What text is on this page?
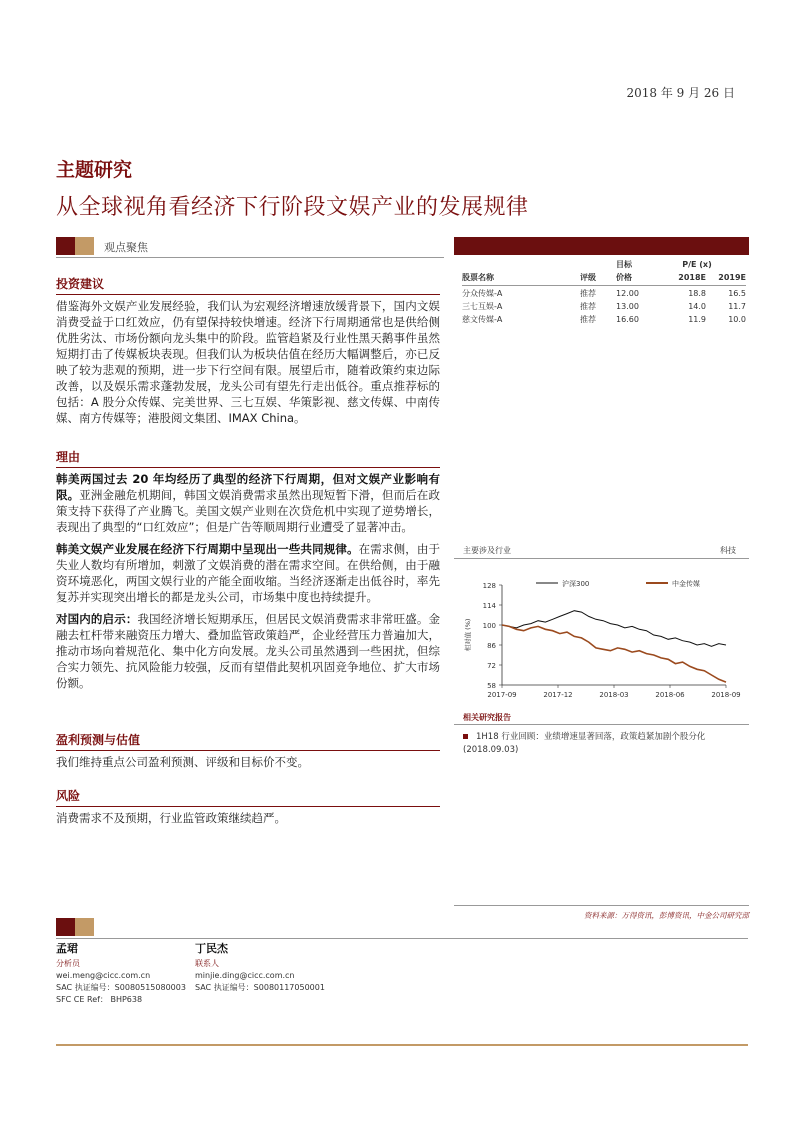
2018 年 9 月 26 日
主题研究
从全球视角看经济下行阶段文娱产业的发展规律
观点聚焦

投资建议

借鉴海外文娱产业发展经验，我们认为宏观经济增速放缓背景下，国内文娱消费受益于口红效应，仍有望保持较快增速。经济下行周期通常也是供给侧优胜劣汰、市场份额向龙头集中的阶段。监管趋紧及行业性黑天鹅事件虽然短期打击了传媒板块表现。但我们认为板块估值在经历大幅调整后，亦已反映了较为悲观的预期，进一步下行空间有限。展望后市，随着政策约束边际改善，以及娱乐需求蓬勃发展，龙头公司有望先行走出低谷。重点推荐标的包括：A 股分众传媒、完美世界、三七互娱、华策影视、慈文传媒、中南传媒、南方传媒等；港股阅文集团、IMAX China。

理由

韩美两国过去 20 年均经历了典型的经济下行周期，但对文娱产业影响有限。亚洲金融危机期间，韩国文娱消费需求虽然出现短暂下滑，但而后在政策支持下获得了产业腾飞。美国文娱产业则在次贷危机中实现了逆势增长，表现出了典型的“口红效应”；但是广告等顺周期行业遭受了显著冲击。

韩美文娱产业发展在经济下行周期中呈现出一些共同规律。在需求侧，由于失业人数均有所增加，刺激了文娱消费的潜在需求空间。在供给侧，由于融资环境恶化，两国文娱行业的产能全面收缩。当经济逐渐走出低谷时，率先复苏并实现突出增长的都是龙头公司，市场集中度也持续提升。

对国内的启示：我国经济增长短期承压，但居民文娱消费需求非常旺盛。金融去杠杆带来融资压力增大、叠加监管政策趋严，企业经营压力普遍加大，推动市场向着规范化、集中化方向发展。龙头公司虽然遇到一些困扰，但综合实力领先、抗风险能力较强，反而有望借此契机巩固竞争地位、扩大市场份额。

盈利预测与估值

我们维持重点公司盈利预测、评级和目标价不变。

风险

消费需求不及预期，行业监管政策继续趋严。

目标	P/E (x)
股票名称	评级	价格	2018E	2019E
分众传媒-A	推荐	12.00	18.8	16.5
三七互娱-A	推荐	13.00	14.0	11.7
慈文传媒-A	推荐	16.60	11.9	10.0
主要涉及行业	科技
58
72
86
100
114
128
相对值 (%)
2017-09	2017-12	2018-03	2018-06	2018-09
沪深300	中金传媒
相关研究报告
1H18 行业回顾：业绩增速显著回落，政策趋紧加剧个股分化 (2018.09.03)
资料来源：万得资讯，彭博资讯，中金公司研究部
孟珺
分析员
wei.meng@cicc.com.cn
SAC 执证编号：S0080515080003
SFC CE Ref： BHP638
丁民杰
联系人
minjie.ding@cicc.com.cn
SAC 执证编号：S0080117050001
